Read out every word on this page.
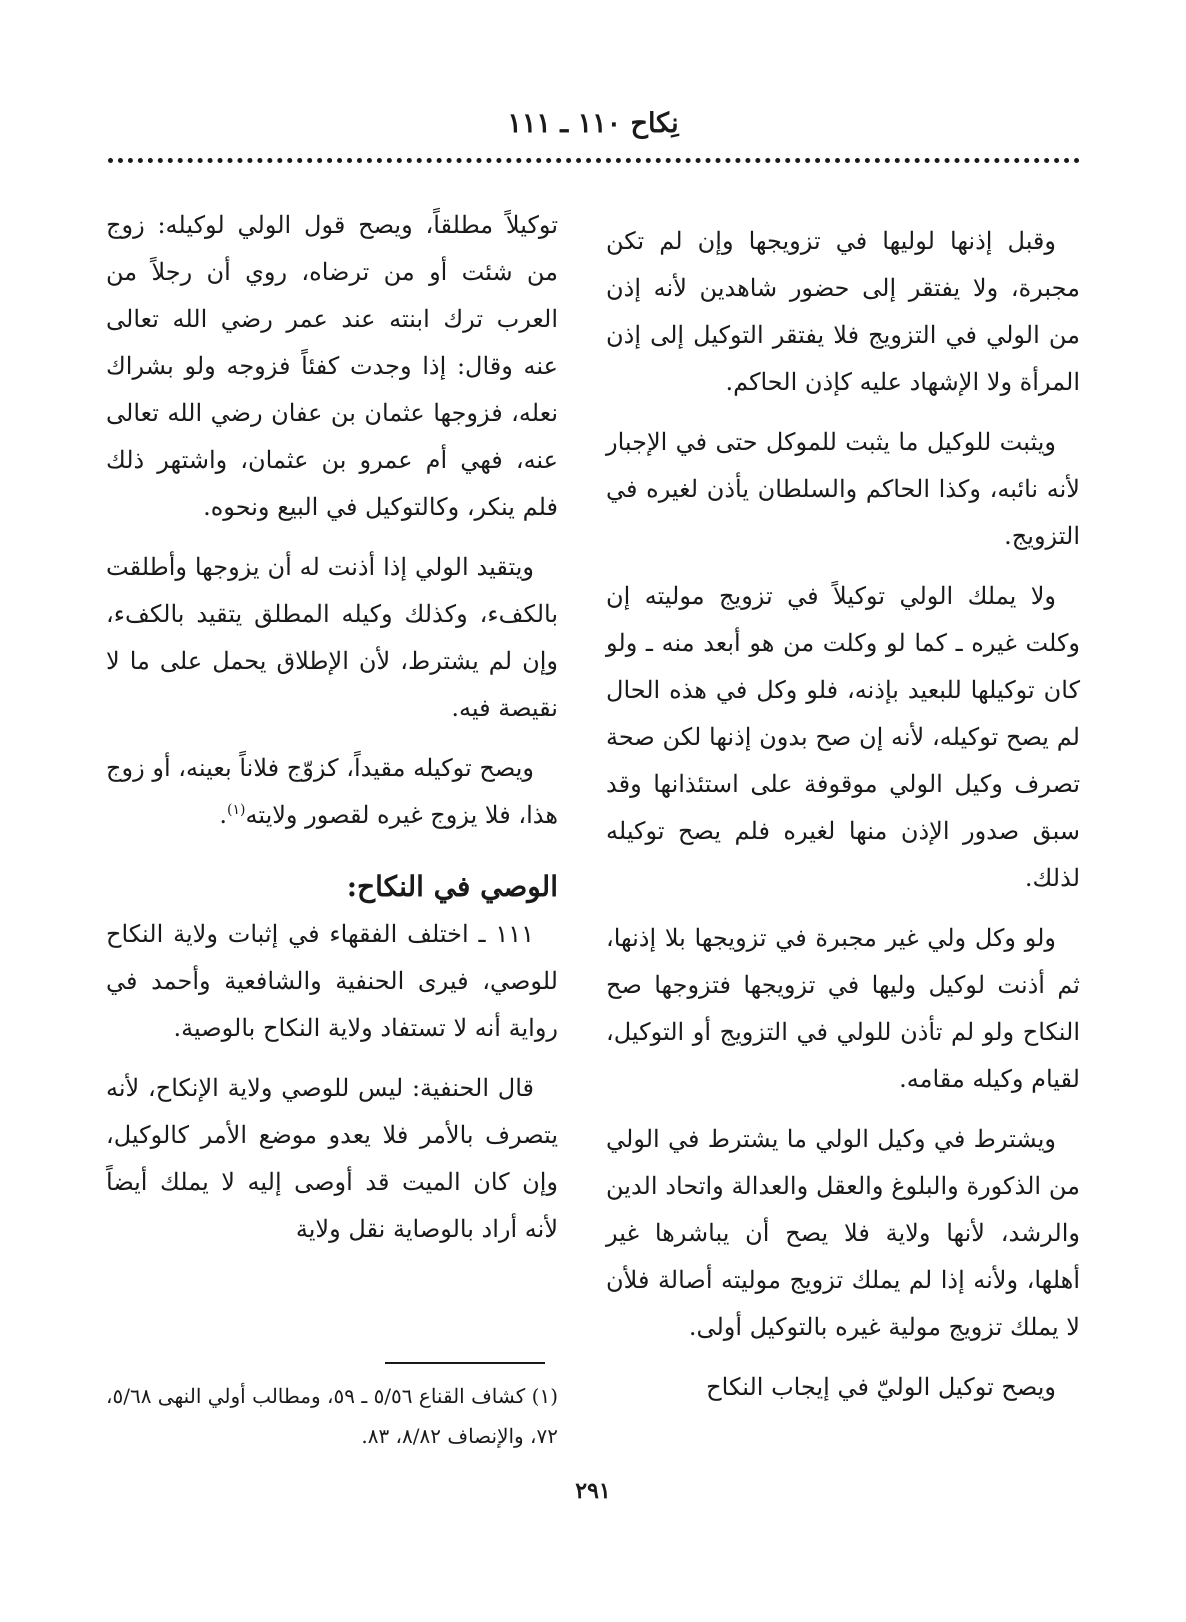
نِكاح ١١٠ ـ ١١١

وقبل إذنها لوليها في تزويجها وإن لم تكن مجبرة، ولا يفتقر إلى حضور شاهدين لأنه إذن من الولي في التزويج فلا يفتقر التوكيل إلى إذن المرأة ولا الإشهاد عليه كإذن الحاكم.

ويثبت للوكيل ما يثبت للموكل حتى في الإجبار لأنه نائبه، وكذا الحاكم والسلطان يأذن لغيره في التزويج.

ولا يملك الولي توكيلاً في تزويج موليته إن وكلت غيره ـ كما لو وكلت من هو أبعد منه ـ ولو كان توكيلها للبعيد بإذنه، فلو وكل في هذه الحال لم يصح توكيله، لأنه إن صح بدون إذنها لكن صحة تصرف وكيل الولي موقوفة على استئذانها وقد سبق صدور الإذن منها لغيره فلم يصح توكيله لذلك.

ولو وكل ولي غير مجبرة في تزويجها بلا إذنها، ثم أذنت لوكيل وليها في تزويجها فتزوجها صح النكاح ولو لم تأذن للولي في التزويج أو التوكيل، لقيام وكيله مقامه.

ويشترط في وكيل الولي ما يشترط في الولي من الذكورة والبلوغ والعقل والعدالة واتحاد الدين والرشد، لأنها ولاية فلا يصح أن يباشرها غير أهلها، ولأنه إذا لم يملك تزويج موليته أصالة فلأن لا يملك تزويج مولية غيره بالتوكيل أولى.

ويصح توكيل الوليّ في إيجاب النكاح

توكيلاً مطلقاً، ويصح قول الولي لوكيله: زوج من شئت أو من ترضاه، روي أن رجلاً من العرب ترك ابنته عند عمر رضي الله تعالى عنه وقال: إذا وجدت كفئاً فزوجه ولو بشراك نعله، فزوجها عثمان بن عفان رضي الله تعالى عنه، فهي أم عمرو بن عثمان، واشتهر ذلك فلم ينكر، وكالتوكيل في البيع ونحوه.

ويتقيد الولي إذا أذنت له أن يزوجها وأطلقت بالكفء، وكذلك وكيله المطلق يتقيد بالكفء، وإن لم يشترط، لأن الإطلاق يحمل على ما لا نقيصة فيه.

ويصح توكيله مقيداً، كزوّج فلاناً بعينه، أو زوج هذا، فلا يزوج غيره لقصور ولايته$^{(١)}$.

الوصي في النكاح:

١١١ ـ اختلف الفقهاء في إثبات ولاية النكاح للوصي، فيرى الحنفية والشافعية وأحمد في رواية أنه لا تستفاد ولاية النكاح بالوصية.

قال الحنفية: ليس للوصي ولاية الإنكاح، لأنه يتصرف بالأمر فلا يعدو موضع الأمر كالوكيل، وإن كان الميت قد أوصى إليه لا يملك أيضاً لأنه أراد بالوصاية نقل ولاية

(١) كشاف القناع ٥/٥٦ ـ ٥٩، ومطالب أولي النهى ٥/٦٨، ٧٢، والإنصاف ٨/٨٢، ٨٣.
٢٩١
